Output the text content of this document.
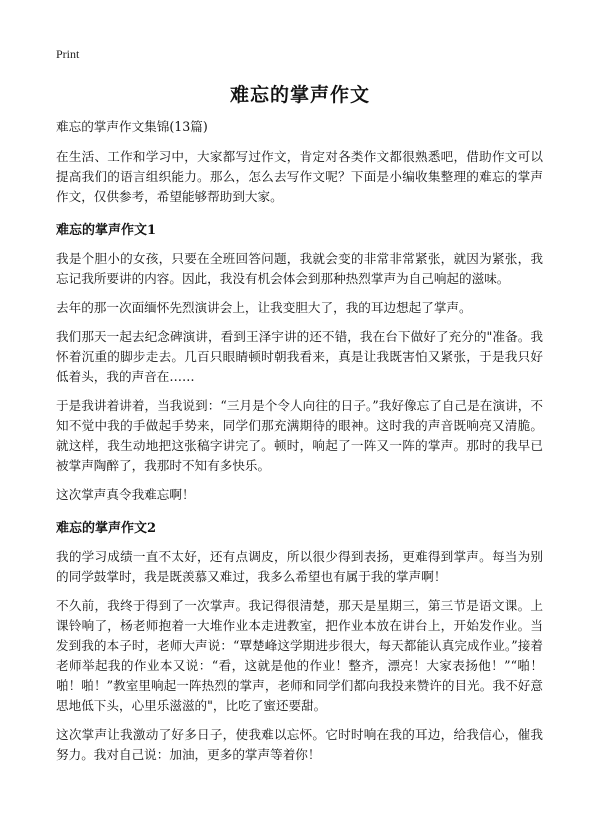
Print
难忘的掌声作文

难忘的掌声作文集锦(13篇)

在生活、工作和学习中，大家都写过作文，肯定对各类作文都很熟悉吧，借助作文可以提高我们的语言组织能力。那么，怎么去写作文呢？下面是小编收集整理的难忘的掌声作文，仅供参考，希望能够帮助到大家。

难忘的掌声作文1

我是个胆小的女孩，只要在全班回答问题，我就会变的非常非常紧张，就因为紧张，我忘记我所要讲的内容。因此，我没有机会体会到那种热烈掌声为自己响起的滋味。

去年的那一次面缅怀先烈演讲会上，让我变胆大了，我的耳边想起了掌声。

我们那天一起去纪念碑演讲，看到王泽宇讲的还不错，我在台下做好了充分的"准备。我怀着沉重的脚步走去。几百只眼睛顿时朝我看来，真是让我既害怕又紧张，于是我只好低着头，我的声音在……

于是我讲着讲着，当我说到：“三月是个令人向往的日子。”我好像忘了自己是在演讲，不知不觉中我的手做起手势来，同学们那充满期待的眼神。这时我的声音既响亮又清脆。就这样，我生动地把这张稿字讲完了。顿时，响起了一阵又一阵的掌声。那时的我早已被掌声陶醉了，我那时不知有多快乐。

这次掌声真令我难忘啊！

难忘的掌声作文2

我的学习成绩一直不太好，还有点调皮，所以很少得到表扬，更难得到掌声。每当为别的同学鼓掌时，我是既羡慕又难过，我多么希望也有属于我的掌声啊！

不久前，我终于得到了一次掌声。我记得很清楚，那天是星期三，第三节是语文课。上课铃响了，杨老师抱着一大堆作业本走进教室，把作业本放在讲台上，开始发作业。当发到我的本子时，老师大声说：“覃楚峰这学期进步很大，每天都能认真完成作业。”接着老师举起我的作业本又说：“看，这就是他的作业！整齐，漂亮！大家表扬他！”“啪！啪！啪！”教室里响起一阵热烈的掌声，老师和同学们都向我投来赞许的目光。我不好意思地低下头，心里乐滋滋的"，比吃了蜜还要甜。

这次掌声让我激动了好多日子，使我难以忘怀。它时时响在我的耳边，给我信心，催我努力。我对自己说：加油，更多的掌声等着你！
